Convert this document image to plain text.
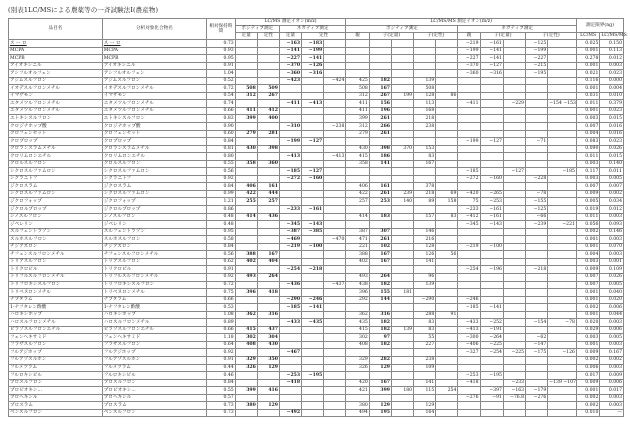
(別表1LC/MSによる農薬等の一斉試験法Ⅰ(農産物)
品目名	分析対象化合物名	相対保持時間	LC/MS 測定イオン(m/z)					LC/MS/MS 測定イオン(m/z)										測定限界(ng)	
			ポジティブ測定		ネガティブ測定			ポジティブ測定					ネガティブ測定						
			定量	定性	定量	定性		親	子(定量)		子(定性)		親	子(定量)		子(定性)		LC/MS	LC/MS/MS
ス ー ロ	ス ー ロ	0.73			−163	−183							−219	−161		−125		0.025	0.150
MCPA	MCPA	0.93			−141	−199							−199	−141		−199		0.001	0.113
MCPB	MCPB	0.95			−227	−141							−227	−141		−227		0.278	0.012
アイオキシニル	アイオキシニル	0.91			−370	−126							−370	−127		−215		0.001	0.003
アシフルオルフェン	アシフルオルフェン	1.04			−360	−316							−360	−316		−195		0.021	0.023
アジムスルフロン	アジムスルフロン	0.52			−423		−424	425	182		139							0.116	0.000
イオデスルフロンメチル	イオデスルフロンメチル	0.72	508	509				508	167		508							0.001	0.004
イマザモン	イマザモン	0.54	312	267				312	267	199	128	86						0.031	0.010
エタメツルフロンメチル	エタメツルフロンメチル	0.74			−411	−413		411	156		113		−411		−229		−154 −153	0.011	0.379
エタメツルフロンメチル	エタメツルフロンメチル	0.66	411	412				411	196		168							0.001	0.023
エトキシスルフロン	エトキシスルフロン	0.83	399	400				399	261		218							0.003	0.015
クロジナホップ酸	クロジナホップ酸	0.90			−310		−238	312	266		238							0.007	0.016
クロフェンセット	クロフェンセット	0.60	279	281				279	261									0.004	0.016
クロプロップ	クロプロップ	0.84			−199	−127							−199	−127		−71		0.083	0.023
クロランスラムメチル	クロランスラムメチル	0.81	430	398				430	398	370	153							0.090	0.026
クロリムロンエチル	クロリムロンエチル	0.80			−413		−413	415	186		83							0.011	0.015
クロルスルフロン	クロルスルフロン	0.55	358	360				358	141		167							0.003	0.140
シクロスルファムロン	シクロスルファムロン	0.56			−185	−127							−185		−127		−185	0.117	0.011
シクラニトフ	シクラニトフ	0.92			−272	−160							−272	−160		−228		0.003	0.005
ジクロスラム	ジクロスラム	0.84	406	161				406	161		378							0.007	0.007
シクロスルファムロン	シクロスルファムロン	0.99	422	444				422	261	239	218	69	−420	−265		−78		0.009	0.002
ジクロフォップ	ジクロフォップ	1.21	255	257				257	253	140	89	158	75	−253		−155		0.005	0.034
ジクロルプロップ	ジクロルプロップ	0.86			−233	−161							−233	−161		−125		0.019	0.012
シノスルフロン	シノスルフロン	0.48	414	436				414	183		157	83	−412	−161		−66		0.011	0.003
ジペレリン	ジペレリン	0.48			−345	−143							−345	−143		−239	−221	0.056	0.093
スルフェントラゾン	スルフェントラゾン	0.95			−387	−385		387	307		146							0.002	0.146
スルホスルフロン	スルホスルフロン	0.58			−469		−470	471	261		216							0.001	0.003
チジアズロン	チジアズロン	0.84			−219	−100		221	102		128		−219	−100				0.001	0.070
チフェンスルフロンメチル	チフェンスルフロンメチル	0.56	388	167				388	167		126	56						0.004	0.003
トリアスルフロン	トリアスルフロン	0.62	402	404				402	167		141							0.003	0.001
トリクロピル	トリクロピル	0.91			−254	−218							−254	−196		−218		0.009	0.109
トリフルスルフロンメチル	トリフルスルフロンメチル	0.92	493	264				493	264		96							0.007	0.026
トリフロキシスルフロン	トリフロキシスルフロン	0.72			−436		−437	438	182		139							0.007	0.005
トリベヌロンメチル	トリベヌロンメチル	0.75	396	418				396	155	181								0.001	0.040
ナプタラム	ナプタラム	0.66			−290	−246		292	144		−290		−246					0.001	0.020
1-ナフタレン酢酸	1-ナフタレン酢酸	0.53			−185	−141							−185	−141				0.002	0.006
ハロキシホップ	ハロキシホップ	1.08	362	316				362	316		288	91						0.001	0.044
ハロスルフロンメチル	ハロスルフロンメチル	0.89			−433	−435		435	182		83		−433	−252		−154	−78	0.020	0.003
ピラゾスルフロンエチル	ピラゾスルフロンエチル	0.66	415	437				415	182	139	83		−413	−191				0.029	0.006
フェンヘキサミド	フェンヘキサミド	1.18	302	304				302	97		55		−300	−264		−62		0.003	0.005
フラザスルフロン	フラザスルフロン	0.64	408	430				408	182		227		−406	−225		−147		0.001	0.003
フルアジホップ	フルアジホップ	0.92			−467								−327	−254	−225	−175	−126	0.009	0.167
フルアゾスルホン	フルアゾスルホン	0.91	329	350				329	282		238							0.002	0.002
フルメツラム	フルメツラム	0.44	326	129				326	129		109							0.006	0.003
フルロキシピル	フルロキシピル	0.46			−253	−195							−253	−195				0.017	0.009
プロスルフロン	プロスルフロン	0.84			−418			420	167		141		−418		−233		−139 −107	0.009	0.006
プロピオキシ...	プロピオキシ...	0.55	399	416				421	399	180	115	254		−397	−163	−179		0.001	0.017
プロヘキシル	プロヘキシル	0.57											−276	−91	−76.8	−276		0.002	0.003
プロスラム	プロスラム	0.73	380	129				380	129		129							0.002	0.003
ベンスルフロン	ベンスルフロン	0.73			−492			494	195		164							0.010	—
